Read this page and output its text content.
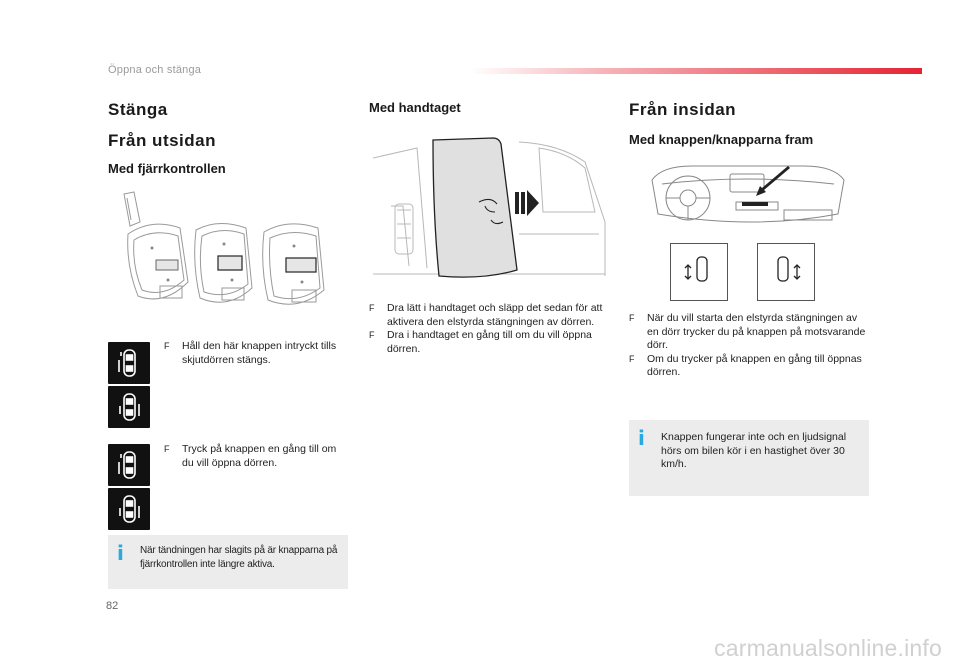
Öppna och stänga
Stänga
Från utsidan
Med fjärrkontrollen
F	Håll den här knappen intryckt tills skjutdörren stängs.
F	Tryck på knappen en gång till om du vill öppna dörren.
i När tändningen har slagits på är knapparna på fjärrkontrollen inte längre aktiva.
Med handtaget
F	Dra lätt i handtaget och släpp det sedan för att aktivera den elstyrda stängningen av dörren.
F	Dra i handtaget en gång till om du vill öppna dörren.
Från insidan
Med knappen/knapparna fram
F	När du vill starta den elstyrda stängningen av en dörr trycker du på knappen på motsvarande dörr.
F	Om du trycker på knappen en gång till öppnas dörren.
i Knappen fungerar inte och en ljudsignal hörs om bilen kör i en hastighet över 30 km/h.
82
carmanualsonline.info
